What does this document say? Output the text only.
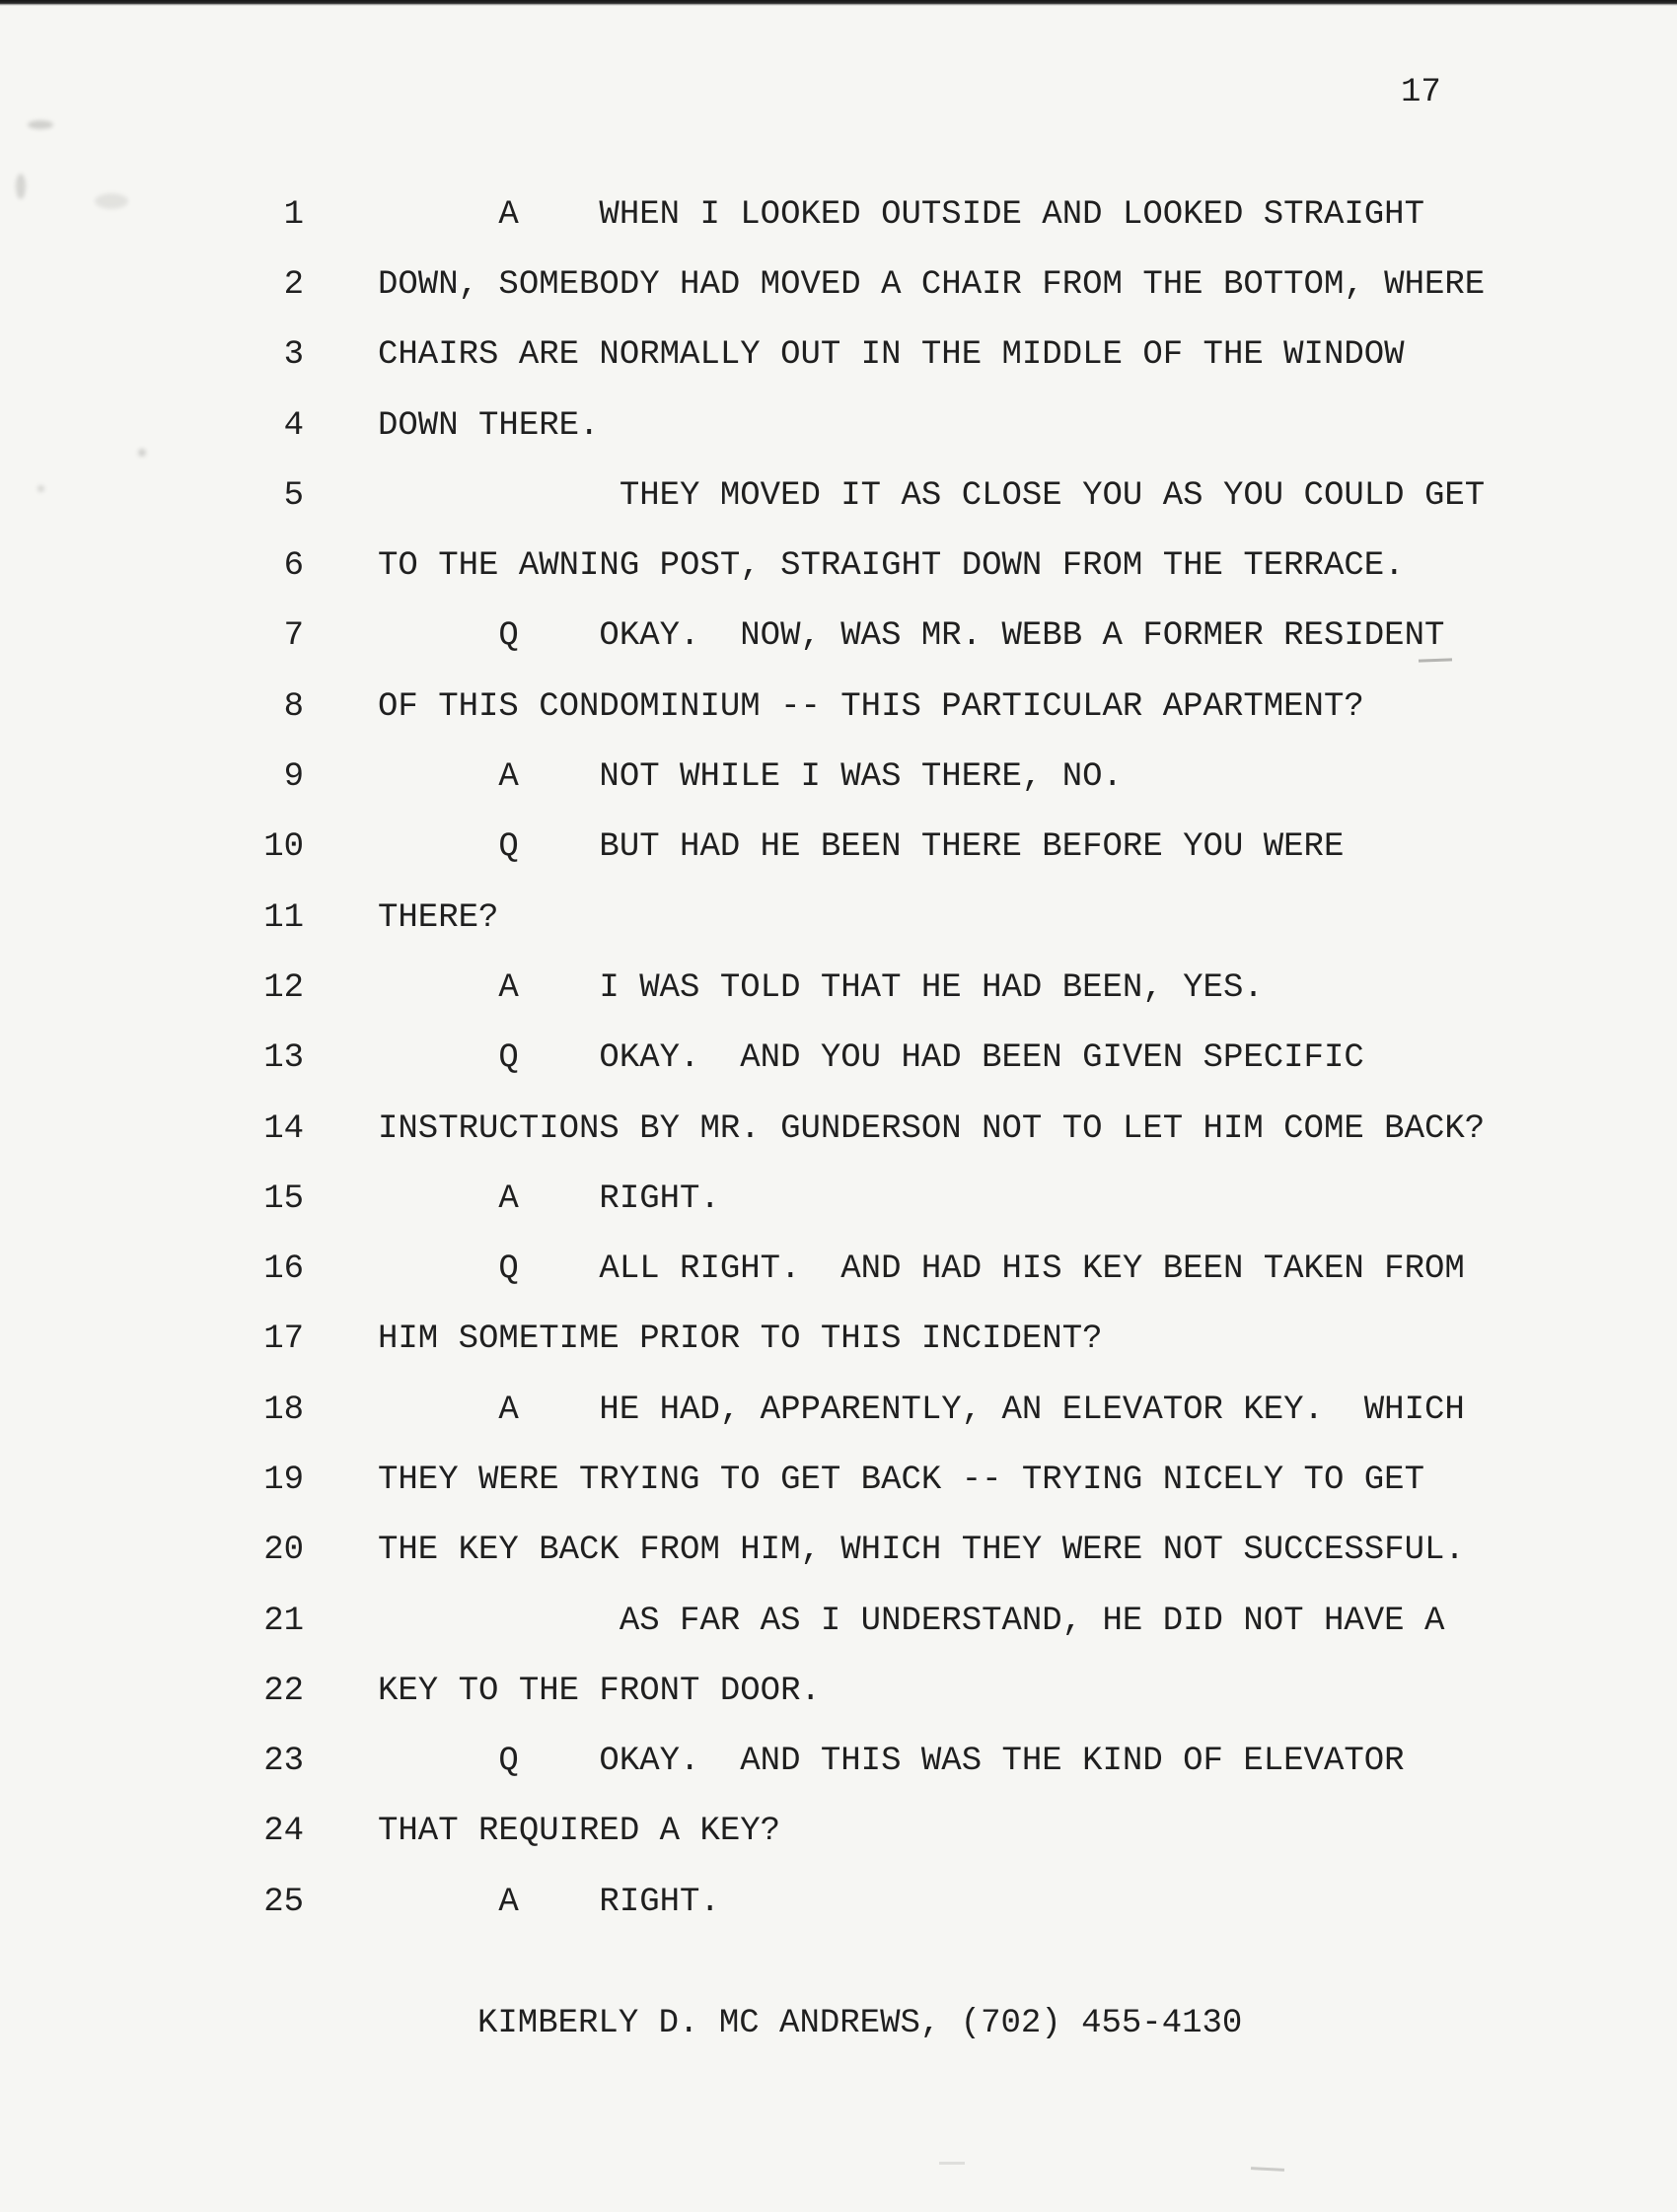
17
1 A    WHEN I LOOKED OUTSIDE AND LOOKED STRAIGHT
2 DOWN, SOMEBODY HAD MOVED A CHAIR FROM THE BOTTOM, WHERE
3 CHAIRS ARE NORMALLY OUT IN THE MIDDLE OF THE WINDOW
4 DOWN THERE.
5 THEY MOVED IT AS CLOSE YOU AS YOU COULD GET
6 TO THE AWNING POST, STRAIGHT DOWN FROM THE TERRACE.
7 Q    OKAY.  NOW, WAS MR. WEBB A FORMER RESIDENT
8 OF THIS CONDOMINIUM -- THIS PARTICULAR APARTMENT?
9 A    NOT WHILE I WAS THERE, NO.
10 Q    BUT HAD HE BEEN THERE BEFORE YOU WERE
11 THERE?
12 A    I WAS TOLD THAT HE HAD BEEN, YES.
13 Q    OKAY.  AND YOU HAD BEEN GIVEN SPECIFIC
14 INSTRUCTIONS BY MR. GUNDERSON NOT TO LET HIM COME BACK?
15 A    RIGHT.
16 Q    ALL RIGHT.  AND HAD HIS KEY BEEN TAKEN FROM
17 HIM SOMETIME PRIOR TO THIS INCIDENT?
18 A    HE HAD, APPARENTLY, AN ELEVATOR KEY.  WHICH
19 THEY WERE TRYING TO GET BACK -- TRYING NICELY TO GET
20 THE KEY BACK FROM HIM, WHICH THEY WERE NOT SUCCESSFUL.
21 AS FAR AS I UNDERSTAND, HE DID NOT HAVE A
22 KEY TO THE FRONT DOOR.
23 Q    OKAY.  AND THIS WAS THE KIND OF ELEVATOR
24 THAT REQUIRED A KEY?
25 A    RIGHT.
KIMBERLY D. MC ANDREWS, (702) 455-4130
